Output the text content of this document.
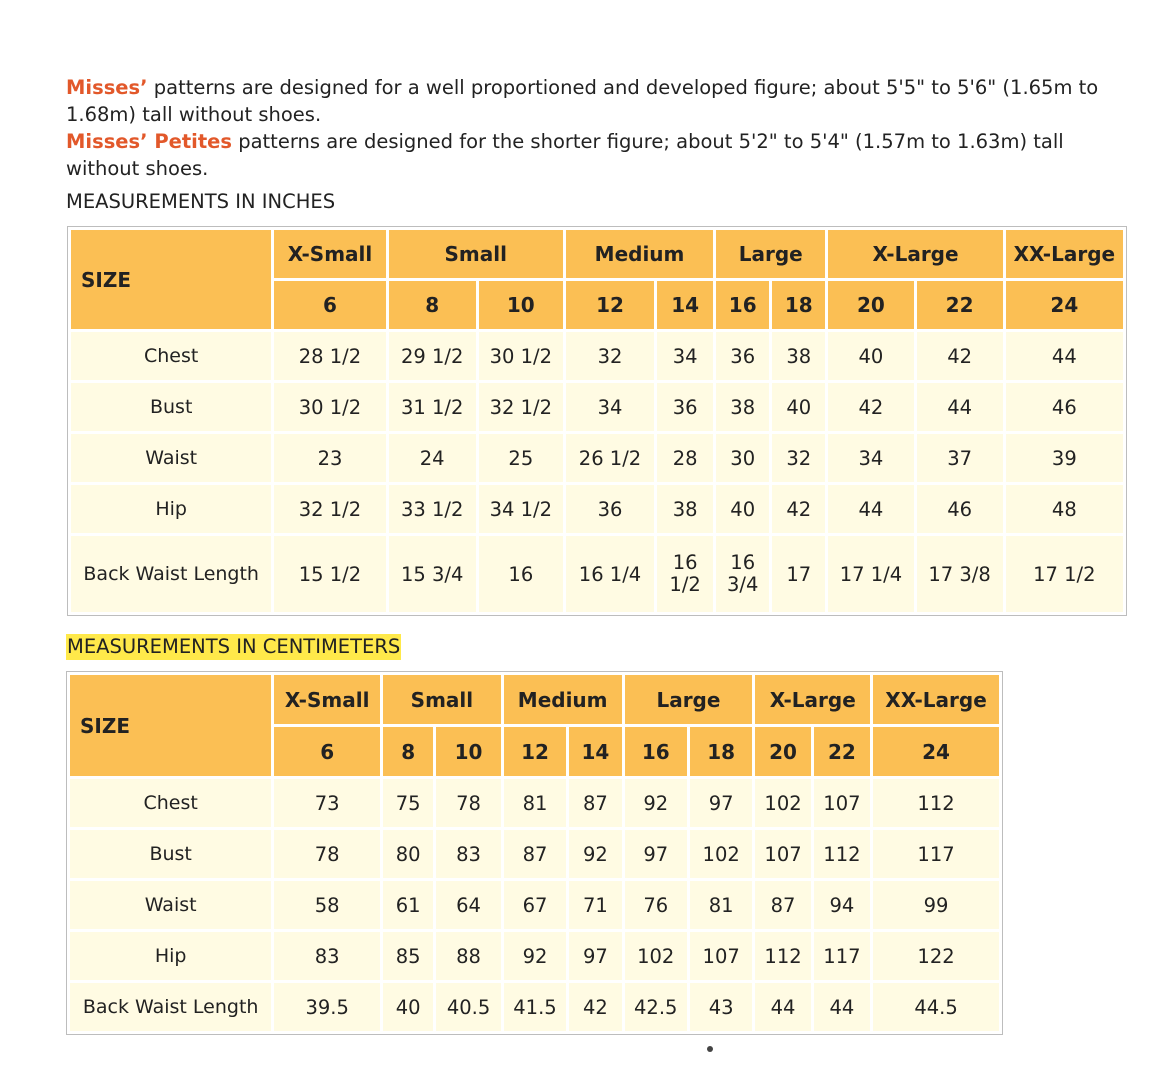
Misses’ patterns are designed for a well proportioned and developed figure; about 5'5" to 5'6" (1.65m to 1.68m) tall without shoes.

Misses’ Petites patterns are designed for the shorter figure; about 5'2" to 5'4" (1.57m to 1.63m) tall without shoes.

MEASUREMENTS IN INCHES
SIZE	X-Small	Small		Medium		Large		X-Large		XX-Large
	6	8	10	12	14	16	18	20	22	24
Chest	28 1/2	29 1/2	30 1/2	32	34	36	38	40	42	44
Bust	30 1/2	31 1/2	32 1/2	34	36	38	40	42	44	46
Waist	23	24	25	26 1/2	28	30	32	34	37	39
Hip	32 1/2	33 1/2	34 1/2	36	38	40	42	44	46	48
Back Waist Length	15 1/2	15 3/4	16	16 1/4	16 1/2	16 3/4	17	17 1/4	17 3/8	17 1/2
MEASUREMENTS IN CENTIMETERS
SIZE	X-Small	Small		Medium		Large		X-Large		XX-Large
	6	8	10	12	14	16	18	20	22	24
Chest	73	75	78	81	87	92	97	102	107	112
Bust	78	80	83	87	92	97	102	107	112	117
Waist	58	61	64	67	71	76	81	87	94	99
Hip	83	85	88	92	97	102	107	112	117	122
Back Waist Length	39.5	40	40.5	41.5	42	42.5	43	44	44	44.5
